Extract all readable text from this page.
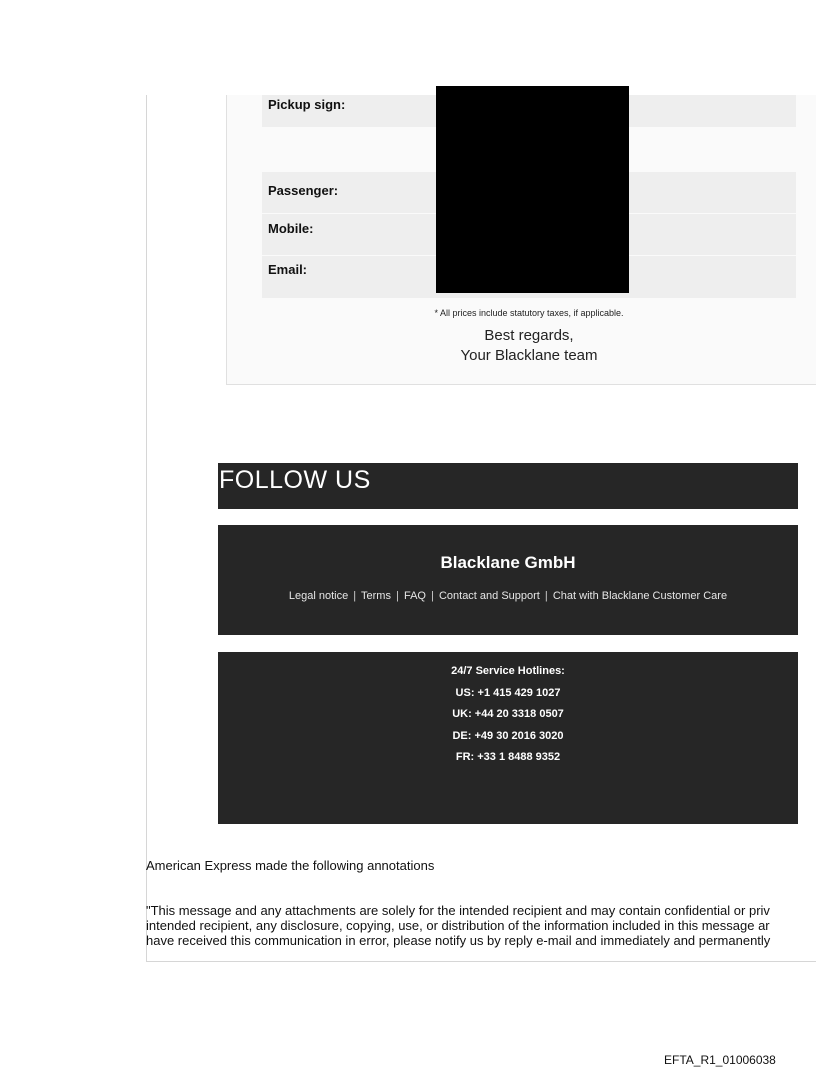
Pickup sign:
Passenger:
Mobile:
Email:
* All prices include statutory taxes, if applicable.
Best regards,
Your Blacklane team
FOLLOW US
Blacklane GmbH
Legal notice | Terms | FAQ | Contact and Support | Chat with Blacklane Customer Care
24/7 Service Hotlines:
US: +1 415 429 1027
UK: +44 20 3318 0507
DE: +49 30 2016 3020
FR: +33 1 8488 9352
American Express made the following annotations
"This message and any attachments are solely for the intended recipient and may contain confidential or priv
intended recipient, any disclosure, copying, use, or distribution of the information included in this message ar
have received this communication in error, please notify us by reply e-mail and immediately and permanently
EFTA_R1_01006038
